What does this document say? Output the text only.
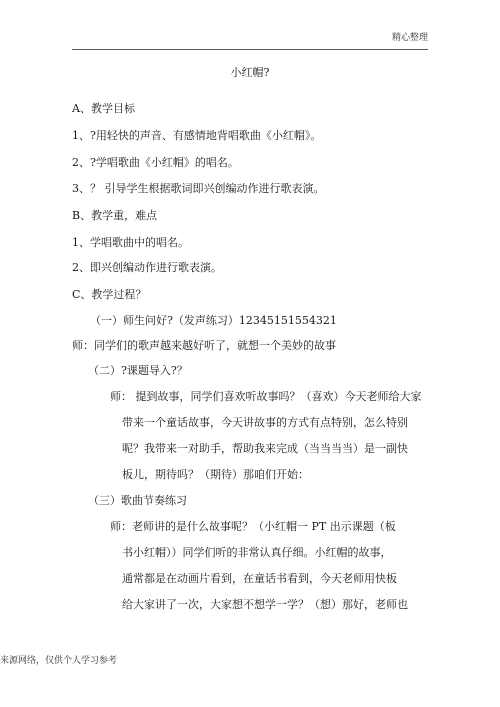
精心整理
小红帽?
A、教学目标
1、?用轻快的声音、有感情地背唱歌曲《小红帽》。
2、?学唱歌曲《小红帽》的唱名。
3、？ 引导学生根据歌词即兴创编动作进行歌表演。
B、教学重，难点
1、学唱歌曲中的唱名。
2、即兴创编动作进行歌表演。
C、教学过程？
（一）师生问好?（发声练习）12345151554321
师：同学们的歌声越来越好听了，就想一个美妙的故事
（二）?课题导入?？
师： 提到故事，同学们喜欢听故事吗？（喜欢）今天老师给大家
带来一个童话故事，今天讲故事的方式有点特别，怎么特别
呢？我带来一对助手，帮助我来完成（当当当当）是一副快
板儿，期待吗？（期待）那咱们开始：
（三）歌曲节奏练习
师：老师讲的是什么故事呢？（小红帽一 PT 出示课题（板
书小红帽））同学们听的非常认真仔细。小红帽的故事，
通常都是在动画片看到，在童话书看到，今天老师用快板
给大家讲了一次，大家想不想学一学？（想）那好，老师也
来源网络，仅供个人学习参考
